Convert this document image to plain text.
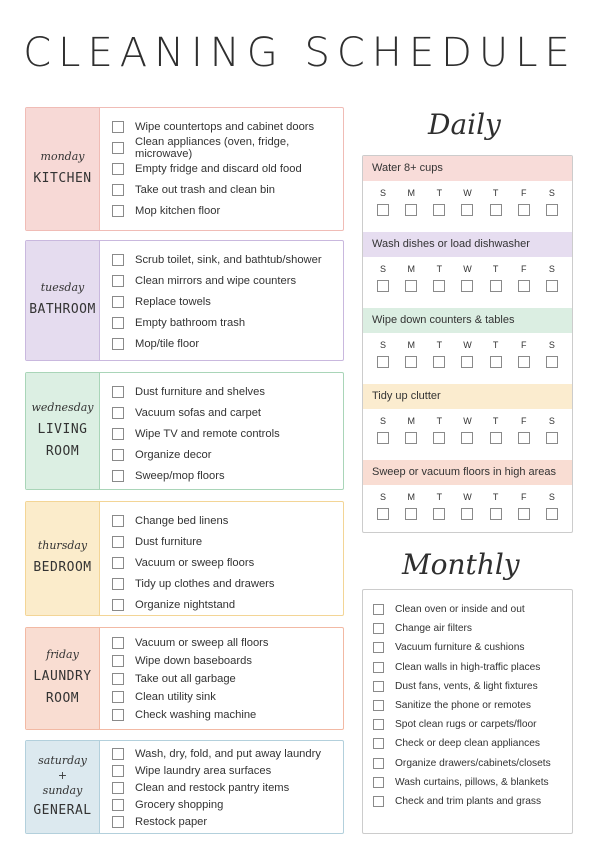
CLEANING SCHEDULE
monday
KITCHEN
Wipe countertops and cabinet doors
Clean appliances (oven, fridge, microwave)
Empty fridge and discard old food
Take out trash and clean bin
Mop kitchen floor
tuesday
BATHROOM
Scrub toilet, sink, and bathtub/shower
Clean mirrors and wipe counters
Replace towels
Empty bathroom trash
Mop/tile floor
wednesday
LIVING
ROOM
Dust furniture and shelves
Vacuum sofas and carpet
Wipe TV and remote controls
Organize decor
Sweep/mop floors
thursday
BEDROOM
Change bed linens
Dust furniture
Vacuum or sweep floors
Tidy up clothes and drawers
Organize nightstand
friday
LAUNDRY
ROOM
Vacuum or sweep all floors
Wipe down baseboards
Take out all garbage
Clean utility sink
Check washing machine
saturday
+
sunday
GENERAL
Wash, dry, fold, and put away laundry
Wipe laundry area surfaces
Clean and restock pantry items
Grocery shopping
Restock paper
Daily
Water 8+ cups
S	M	T	W	T	F	S
Wash dishes or load dishwasher
S	M	T	W	T	F	S
Wipe down counters & tables
S	M	T	W	T	F	S
Tidy up clutter
S	M	T	W	T	F	S
Sweep or vacuum floors in high areas
S	M	T	W	T	F	S
Monthly
Clean oven or inside and out
Change air filters
Vacuum furniture & cushions
Clean walls in high-traffic places
Dust fans, vents, & light fixtures
Sanitize the phone or remotes
Spot clean rugs or carpets/floor
Check or deep clean appliances
Organize drawers/cabinets/closets
Wash curtains, pillows, & blankets
Check and trim plants and grass
